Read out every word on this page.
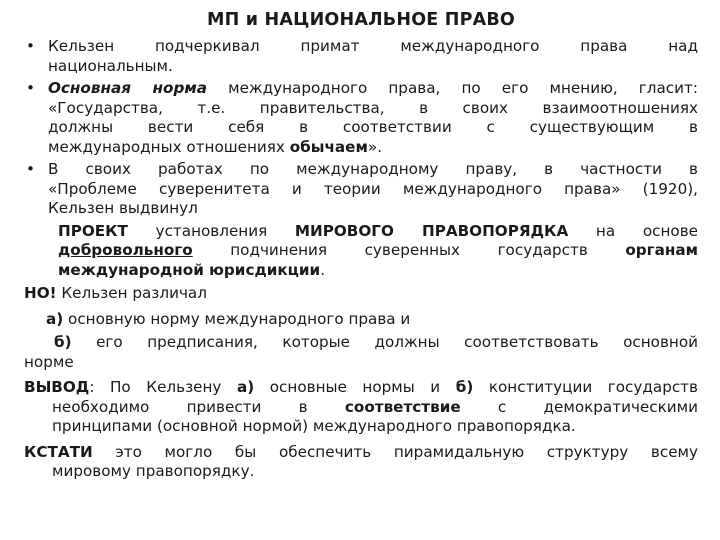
МП и НАЦИОНАЛЬНОЕ ПРАВО
• Кельзен подчеркивал примат международного права над
национальным.
• Основная норма международного права, по его мнению, гласит:
«Государства, т.е. правительства, в своих взаимоотношениях
должны вести себя в соответствии с существующим в
международных отношениях обычаем».
• В своих работах по международному праву, в частности в
«Проблеме суверенитета и теории международного права» (1920),
Кельзен выдвинул
ПРОЕКТ установления МИРОВОГО ПРАВОПОРЯДКА на основе
добровольного подчинения суверенных государств органам
международной юрисдикции.
НО! Кельзен различал
а) основную норму международного права и
б) его предписания, которые должны соответствовать основной
норме
ВЫВОД: По Кельзену а) основные нормы и б) конституции государств
необходимо привести в соответствие с демократическими
принципами (основной нормой) международного правопорядка.
КСТАТИ это могло бы обеспечить пирамидальную структуру всему
мировому правопорядку.
